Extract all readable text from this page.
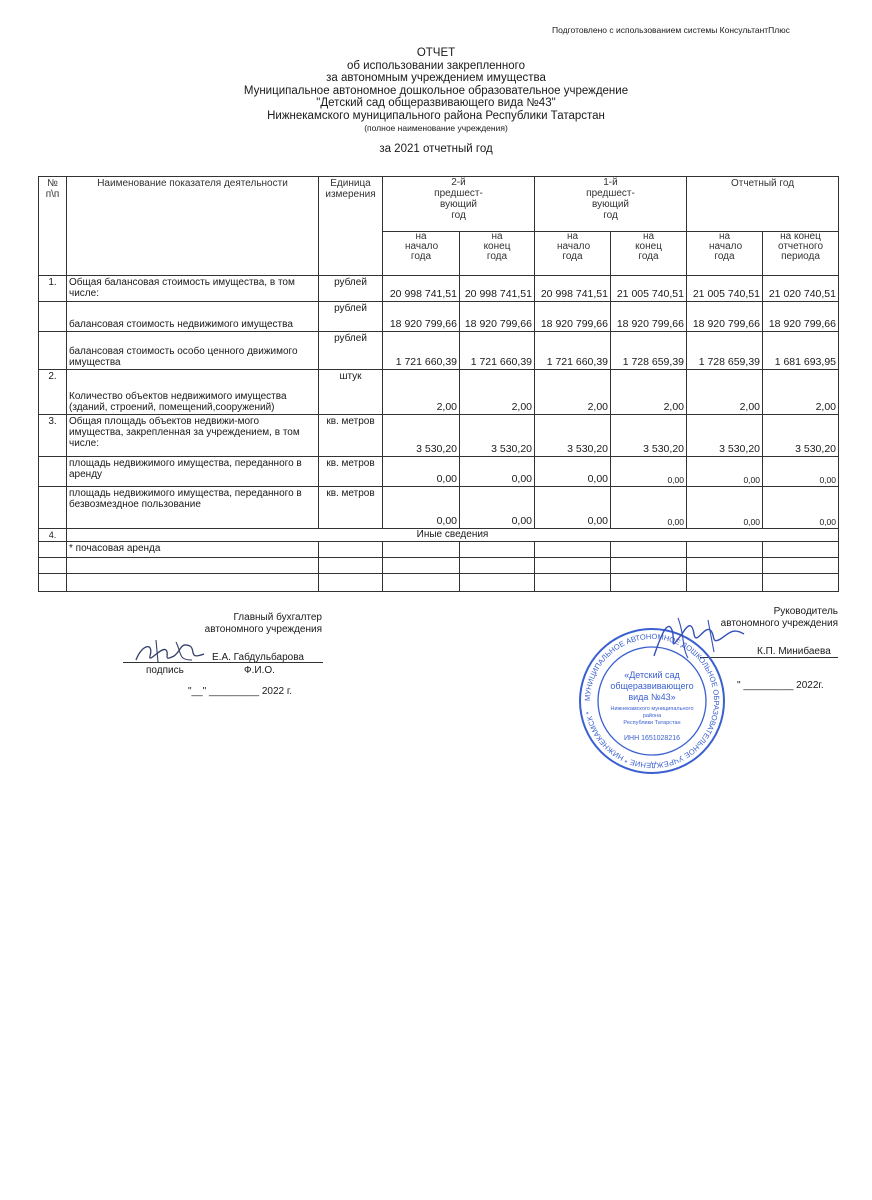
Подготовлено с использованием системы КонсультантПлюс
ОТЧЕТ
об использовании закрепленного
за автономным учреждением имущества
Муниципальное автономное дошкольное образовательное учреждение
"Детский сад общеразвивающего вида №43"
Нижнекамского муниципального района Республики Татарстан
(полное наименование учреждения)
за 2021 отчетный год
№ п\п	Наименование показателя деятельности	Единица измерения	2-й предшест- вующий год		1-й предшест- вующий год		Отчетный год	
			на начало года	на конец года	на начало года	на конец года	на начало года	на конец отчетного периода
1.	Общая балансовая стоимость имущества, в том числе:	рублей	20 998 741,51	20 998 741,51	20 998 741,51	21 005 740,51	21 005 740,51	21 020 740,51
	балансовая стоимость недвижимого имущества	рублей	18 920 799,66	18 920 799,66	18 920 799,66	18 920 799,66	18 920 799,66	18 920 799,66
	балансовая стоимость особо ценного движимого имущества	рублей	1 721 660,39	1 721 660,39	1 721 660,39	1 728 659,39	1 728 659,39	1 681 693,95
2.	Количество объектов недвижимого имущества (зданий, строений, помещений,сооружений)	штук	2,00	2,00	2,00	2,00	2,00	2,00
3.	Общая площадь объектов недвижи-мого имущества, закрепленная за учреждением, в том числе:	кв. метров	3 530,20	3 530,20	3 530,20	3 530,20	3 530,20	3 530,20
	площадь недвижимого имущества, переданного в аренду	кв. метров	0,00	0,00	0,00	0,00	0,00	0,00
	площадь недвижимого имущества, переданного в безвозмездное пользование	кв. метров	0,00	0,00	0,00	0,00	0,00	0,00
4.	Иные сведения							
	* почасовая аренда							

Главный бухгалтер
автономного учреждения
Е.А. Габдульбарова
подпись	Ф.И.О.
"__" _________ 2022 г.
Руководитель
автономного учреждения
К.П. Минибаева
" _________ 2022г.
МУНИЦИПАЛЬНОЕ АВТОНОМНОЕ ДОШКОЛЬНОЕ ОБРАЗОВАТЕЛЬНОЕ УЧРЕЖДЕНИЕ * НИЖНЕКАМСК *
«Детский сад
общеразвивающего
вида №43»
Нижнекамского муниципального
района
Республики Татарстан
ИНН 1651028216
